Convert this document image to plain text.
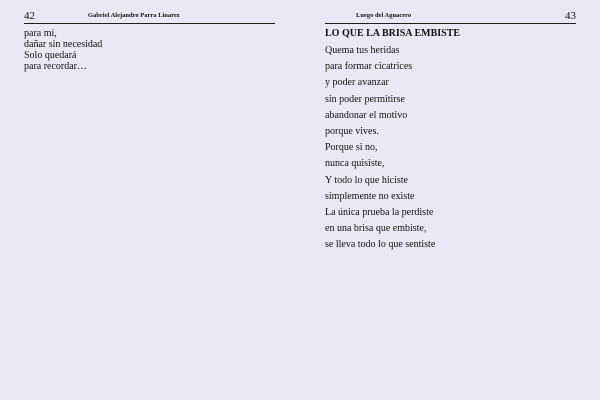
42	Gabriel Alejandro Parra Linarez
para mí,
dañar sin necesidad
Solo quedará
para recordar…
Luego del Aguacero	43
LO QUE LA BRISA EMBISTE
Quema tus heridas
para formar cicatrices
y poder avanzar
sin poder permitirse
abandonar el motivo
porque vives.
Porque si no,
nunca quisiste,
Y todo lo que hiciste
simplemente no existe
La única prueba la perdiste
en una brisa que embiste,
se lleva todo lo que sentiste
